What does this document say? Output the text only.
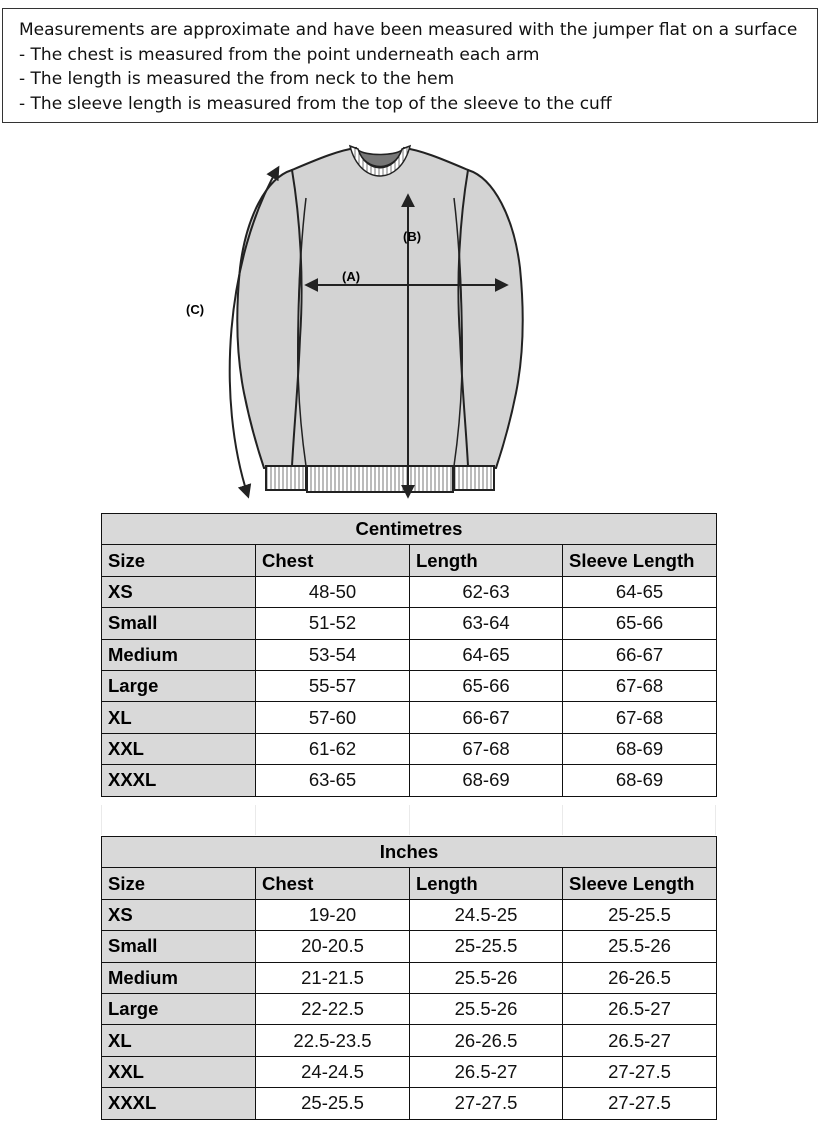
Measurements are approximate and have been measured with the jumper flat on a surface
- The chest is measured from the point underneath each arm
- The length is measured the from neck to the hem
- The sleeve length is measured from the top of the sleeve to the cuff
(A)
(B)
(C)
Centimetres			
Size	Chest	Length	Sleeve Length
XS	48-50	62-63	64-65
Small	51-52	63-64	65-66
Medium	53-54	64-65	66-67
Large	55-57	65-66	67-68
XL	57-60	66-67	67-68
XXL	61-62	67-68	68-69
XXXL	63-65	68-69	68-69
Inches			
Size	Chest	Length	Sleeve Length
XS	19-20	24.5-25	25-25.5
Small	20-20.5	25-25.5	25.5-26
Medium	21-21.5	25.5-26	26-26.5
Large	22-22.5	25.5-26	26.5-27
XL	22.5-23.5	26-26.5	26.5-27
XXL	24-24.5	26.5-27	27-27.5
XXXL	25-25.5	27-27.5	27-27.5
